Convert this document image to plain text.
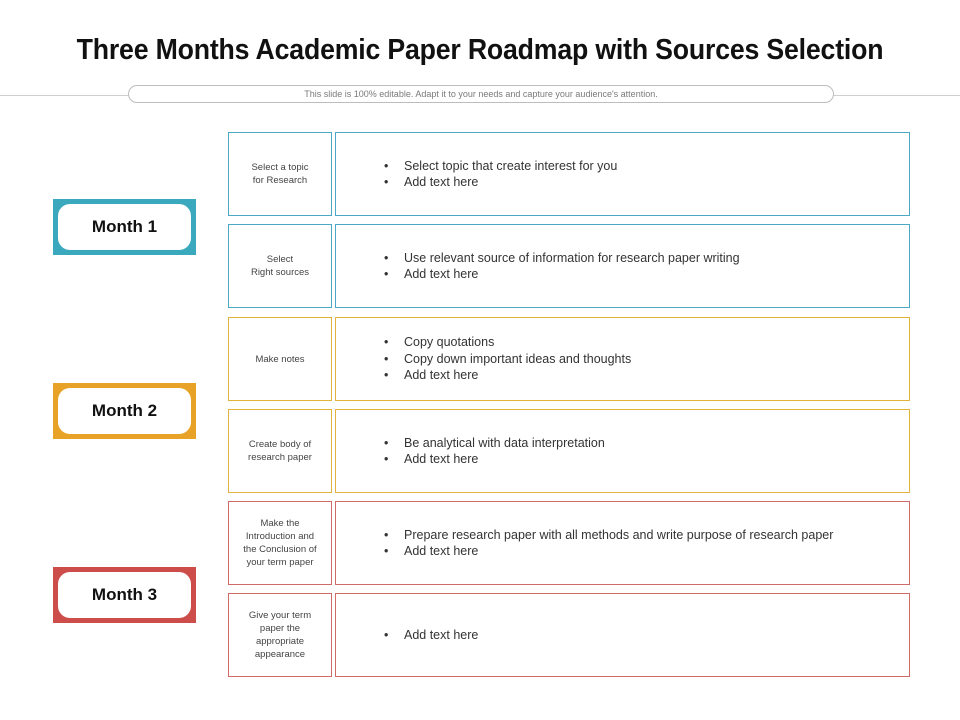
Three Months Academic Paper Roadmap with Sources Selection
This slide is 100% editable. Adapt it to your needs and capture your audience's attention.
Month 1
Month 2
Month 3
Select a topic
for Research
Select
Right sources
Make notes
Create body of
research paper
Make the
Introduction and
the Conclusion of
your term paper
Give your term
paper the
appropriate
appearance
• Select topic that create interest for you
• Add text here
• Use relevant source of information for research paper writing
• Add text here
• Copy quotations
• Copy down important ideas and thoughts
• Add text here
• Be analytical with data interpretation
• Add text here
• Prepare research paper with all methods and write purpose of research paper
• Add text here
• Add text here
